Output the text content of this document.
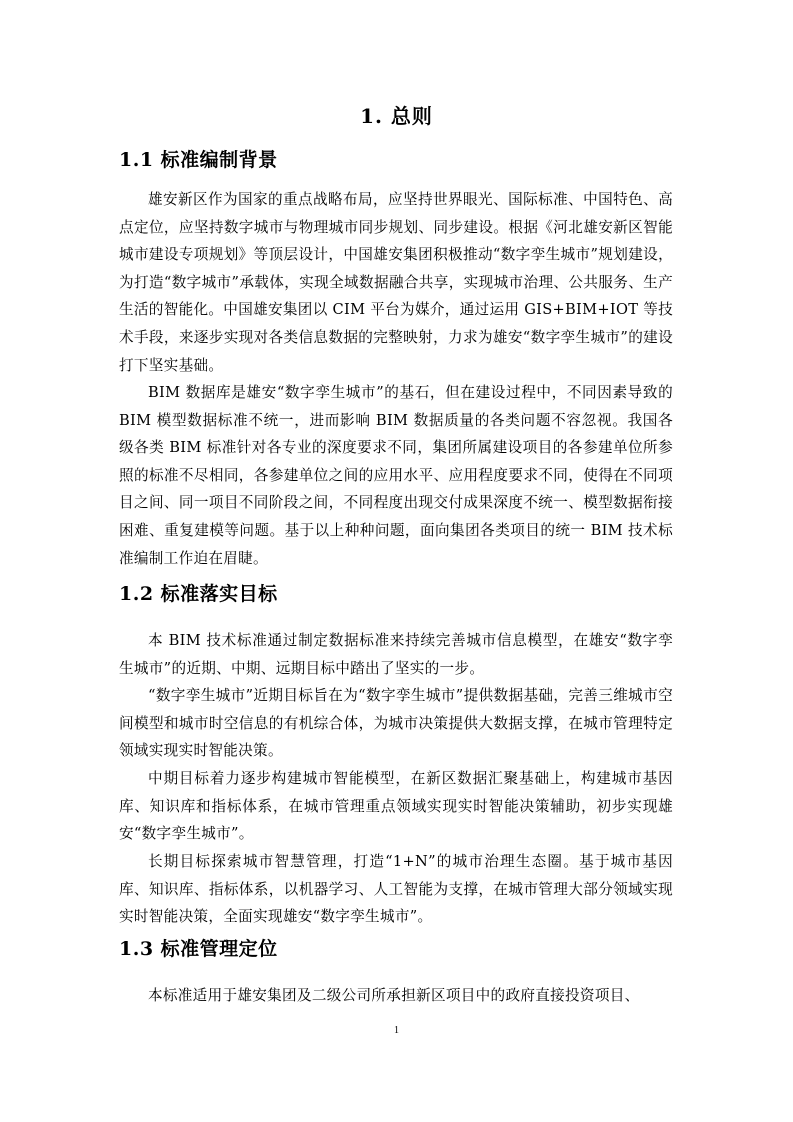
1. 总则
1.1 标准编制背景

雄安新区作为国家的重点战略布局，应坚持世界眼光、国际标准、中国特色、高点定位，应坚持数字城市与物理城市同步规划、同步建设。根据《河北雄安新区智能城市建设专项规划》等顶层设计，中国雄安集团积极推动“数字孪生城市”规划建设，为打造“数字城市”承载体，实现全域数据融合共享，实现城市治理、公共服务、生产生活的智能化。中国雄安集团以 CIM 平台为媒介，通过运用 GIS+BIM+IOT 等技术手段，来逐步实现对各类信息数据的完整映射，力求为雄安“数字孪生城市”的建设打下坚实基础。

BIM 数据库是雄安“数字孪生城市”的基石，但在建设过程中，不同因素导致的 BIM 模型数据标准不统一，进而影响 BIM 数据质量的各类问题不容忽视。我国各级各类 BIM 标准针对各专业的深度要求不同，集团所属建设项目的各参建单位所参照的标准不尽相同，各参建单位之间的应用水平、应用程度要求不同，使得在不同项目之间、同一项目不同阶段之间，不同程度出现交付成果深度不统一、模型数据衔接困难、重复建模等问题。基于以上种种问题，面向集团各类项目的统一 BIM 技术标准编制工作迫在眉睫。

1.2 标准落实目标

本 BIM 技术标准通过制定数据标准来持续完善城市信息模型，在雄安“数字孪生城市”的近期、中期、远期目标中踏出了坚实的一步。

“数字孪生城市”近期目标旨在为“数字孪生城市”提供数据基础，完善三维城市空间模型和城市时空信息的有机综合体，为城市决策提供大数据支撑，在城市管理特定领域实现实时智能决策。

中期目标着力逐步构建城市智能模型，在新区数据汇聚基础上，构建城市基因库、知识库和指标体系，在城市管理重点领域实现实时智能决策辅助，初步实现雄安“数字孪生城市”。

长期目标探索城市智慧管理，打造“1+N”的城市治理生态圈。基于城市基因库、知识库、指标体系，以机器学习、人工智能为支撑，在城市管理大部分领域实现实时智能决策，全面实现雄安“数字孪生城市”。

1.3 标准管理定位

本标准适用于雄安集团及二级公司所承担新区项目中的政府直接投资项目、

1
